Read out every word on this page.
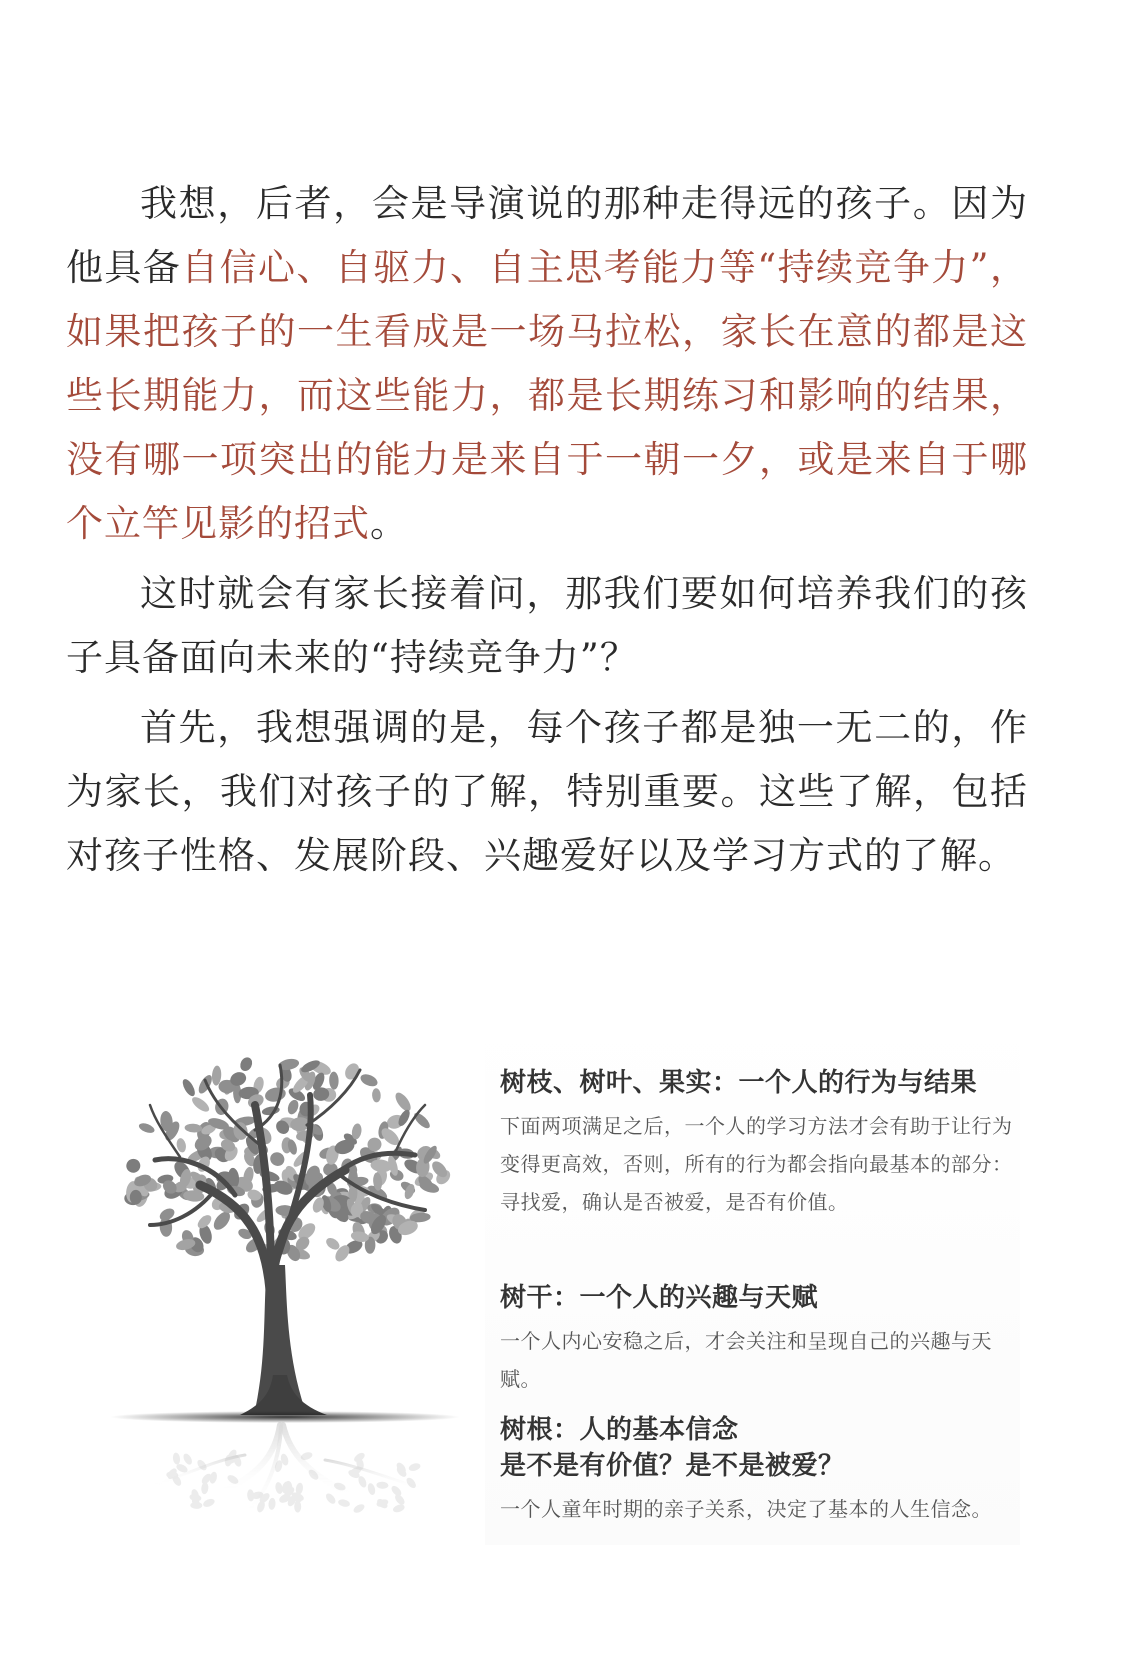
我想，后者，会是导演说的那种走得远的孩子。因为他具备自信心、自驱力、自主思考能力等“持续竞争力”，如果把孩子的一生看成是一场马拉松，家长在意的都是这些长期能力，而这些能力，都是长期练习和影响的结果，没有哪一项突出的能力是来自于一朝一夕，或是来自于哪个立竿见影的招式。

这时就会有家长接着问，那我们要如何培养我们的孩子具备面向未来的“持续竞争力”？

首先，我想强调的是，每个孩子都是独一无二的，作为家长，我们对孩子的了解，特别重要。这些了解，包括对孩子性格、发展阶段、兴趣爱好以及学习方式的了解。

树枝、树叶、果实：一个人的行为与结果

下面两项满足之后，一个人的学习方法才会有助于让行为变得更高效，否则，所有的行为都会指向最基本的部分：寻找爱，确认是否被爱，是否有价值。

树干：一个人的兴趣与天赋

一个人内心安稳之后，才会关注和呈现自己的兴趣与天赋。

树根：人的基本信念
是不是有价值？是不是被爱？

一个人童年时期的亲子关系，决定了基本的人生信念。
